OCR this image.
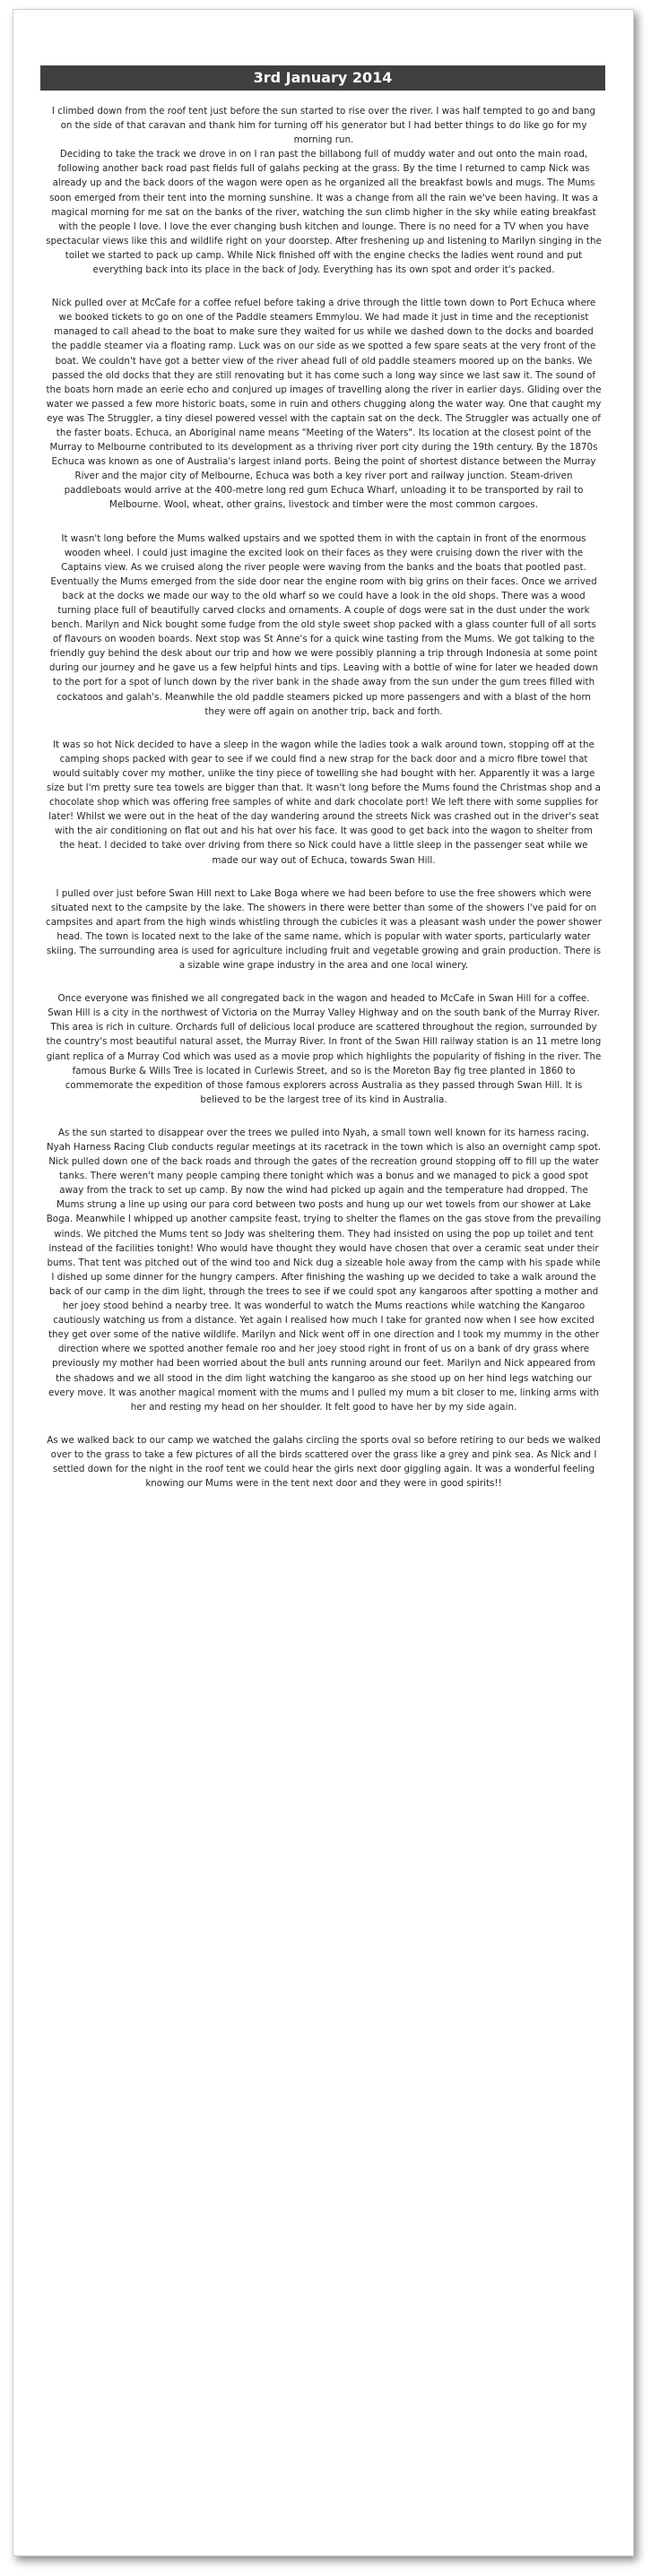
3rd January 2014

I climbed down from the roof tent just before the sun started to rise over the river. I was half tempted to go and bang on the side of that caravan and thank him for turning off his generator but I had better things to do like go for my morning run.
Deciding to take the track we drove in on I ran past the billabong full of muddy water and out onto the main road, following another back road past fields full of galahs pecking at the grass. By the time I returned to camp Nick was already up and the back doors of the wagon were open as he organized all the breakfast bowls and mugs. The Mums soon emerged from their tent into the morning sunshine. It was a change from all the rain we've been having. It was a magical morning for me sat on the banks of the river, watching the sun climb higher in the sky while eating breakfast with the people I love. I love the ever changing bush kitchen and lounge. There is no need for a TV when you have spectacular views like this and wildlife right on your doorstep. After freshening up and listening to Marilyn singing in the toilet we started to pack up camp. While Nick finished off with the engine checks the ladies went round and put everything back into its place in the back of Jody. Everything has its own spot and order it's packed.

Nick pulled over at McCafe for a coffee refuel before taking a drive through the little town down to Port Echuca where we booked tickets to go on one of the Paddle steamers Emmylou. We had made it just in time and the receptionist managed to call ahead to the boat to make sure they waited for us while we dashed down to the docks and boarded the paddle steamer via a floating ramp. Luck was on our side as we spotted a few spare seats at the very front of the boat. We couldn't have got a better view of the river ahead full of old paddle steamers moored up on the banks. We passed the old docks that they are still renovating but it has come such a long way since we last saw it. The sound of the boats horn made an eerie echo and conjured up images of travelling along the river in earlier days. Gliding over the water we passed a few more historic boats, some in ruin and others chugging along the water way. One that caught my eye was The Struggler, a tiny diesel powered vessel with the captain sat on the deck. The Struggler was actually one of the faster boats. Echuca, an Aboriginal name means "Meeting of the Waters". Its location at the closest point of the Murray to Melbourne contributed to its development as a thriving river port city during the 19th century. By the 1870s Echuca was known as one of Australia's largest inland ports. Being the point of shortest distance between the Murray River and the major city of Melbourne, Echuca was both a key river port and railway junction. Steam-driven paddleboats would arrive at the 400-metre long red gum Echuca Wharf, unloading it to be transported by rail to Melbourne. Wool, wheat, other grains, livestock and timber were the most common cargoes.

It wasn't long before the Mums walked upstairs and we spotted them in with the captain in front of the enormous wooden wheel. I could just imagine the excited look on their faces as they were cruising down the river with the Captains view. As we cruised along the river people were waving from the banks and the boats that pootled past. Eventually the Mums emerged from the side door near the engine room with big grins on their faces. Once we arrived back at the docks we made our way to the old wharf so we could have a look in the old shops. There was a wood turning place full of beautifully carved clocks and ornaments. A couple of dogs were sat in the dust under the work bench. Marilyn and Nick bought some fudge from the old style sweet shop packed with a glass counter full of all sorts of flavours on wooden boards. Next stop was St Anne's for a quick wine tasting from the Mums. We got talking to the friendly guy behind the desk about our trip and how we were possibly planning a trip through Indonesia at some point during our journey and he gave us a few helpful hints and tips. Leaving with a bottle of wine for later we headed down to the port for a spot of lunch down by the river bank in the shade away from the sun under the gum trees filled with cockatoos and galah's. Meanwhile the old paddle steamers picked up more passengers and with a blast of the horn they were off again on another trip, back and forth.

It was so hot Nick decided to have a sleep in the wagon while the ladies took a walk around town, stopping off at the camping shops packed with gear to see if we could find a new strap for the back door and a micro fibre towel that would suitably cover my mother, unlike the tiny piece of towelling she had bought with her. Apparently it was a large size but I'm pretty sure tea towels are bigger than that. It wasn't long before the Mums found the Christmas shop and a chocolate shop which was offering free samples of white and dark chocolate port! We left there with some supplies for later! Whilst we were out in the heat of the day wandering around the streets Nick was crashed out in the driver's seat with the air conditioning on flat out and his hat over his face. It was good to get back into the wagon to shelter from the heat. I decided to take over driving from there so Nick could have a little sleep in the passenger seat while we made our way out of Echuca, towards Swan Hill.

I pulled over just before Swan Hill next to Lake Boga where we had been before to use the free showers which were situated next to the campsite by the lake. The showers in there were better than some of the showers I've paid for on campsites and apart from the high winds whistling through the cubicles it was a pleasant wash under the power shower head. The town is located next to the lake of the same name, which is popular with water sports, particularly water skiing. The surrounding area is used for agriculture including fruit and vegetable growing and grain production. There is a sizable wine grape industry in the area and one local winery.

Once everyone was finished we all congregated back in the wagon and headed to McCafe in Swan Hill for a coffee. Swan Hill is a city in the northwest of Victoria on the Murray Valley Highway and on the south bank of the Murray River. This area is rich in culture. Orchards full of delicious local produce are scattered throughout the region, surrounded by the country's most beautiful natural asset, the Murray River. In front of the Swan Hill railway station is an 11 metre long giant replica of a Murray Cod which was used as a movie prop which highlights the popularity of fishing in the river. The famous Burke & Wills Tree is located in Curlewis Street, and so is the Moreton Bay fig tree planted in 1860 to commemorate the expedition of those famous explorers across Australia as they passed through Swan Hill. It is believed to be the largest tree of its kind in Australia.

As the sun started to disappear over the trees we pulled into Nyah, a small town well known for its harness racing. Nyah Harness Racing Club conducts regular meetings at its racetrack in the town which is also an overnight camp spot. Nick pulled down one of the back roads and through the gates of the recreation ground stopping off to fill up the water tanks. There weren't many people camping there tonight which was a bonus and we managed to pick a good spot away from the track to set up camp. By now the wind had picked up again and the temperature had dropped. The Mums strung a line up using our para cord between two posts and hung up our wet towels from our shower at Lake Boga. Meanwhile I whipped up another campsite feast, trying to shelter the flames on the gas stove from the prevailing winds. We pitched the Mums tent so Jody was sheltering them. They had insisted on using the pop up toilet and tent instead of the facilities tonight! Who would have thought they would have chosen that over a ceramic seat under their bums. That tent was pitched out of the wind too and Nick dug a sizeable hole away from the camp with his spade while I dished up some dinner for the hungry campers. After finishing the washing up we decided to take a walk around the back of our camp in the dim light, through the trees to see if we could spot any kangaroos after spotting a mother and her joey stood behind a nearby tree. It was wonderful to watch the Mums reactions while watching the Kangaroo cautiously watching us from a distance. Yet again I realised how much I take for granted now when I see how excited they get over some of the native wildlife. Marilyn and Nick went off in one direction and I took my mummy in the other direction where we spotted another female roo and her joey stood right in front of us on a bank of dry grass where previously my mother had been worried about the bull ants running around our feet. Marilyn and Nick appeared from the shadows and we all stood in the dim light watching the kangaroo as she stood up on her hind legs watching our every move. It was another magical moment with the mums and I pulled my mum a bit closer to me, linking arms with her and resting my head on her shoulder. It felt good to have her by my side again.

As we walked back to our camp we watched the galahs circling the sports oval so before retiring to our beds we walked over to the grass to take a few pictures of all the birds scattered over the grass like a grey and pink sea. As Nick and I settled down for the night in the roof tent we could hear the girls next door giggling again. It was a wonderful feeling knowing our Mums were in the tent next door and they were in good spirits!!
